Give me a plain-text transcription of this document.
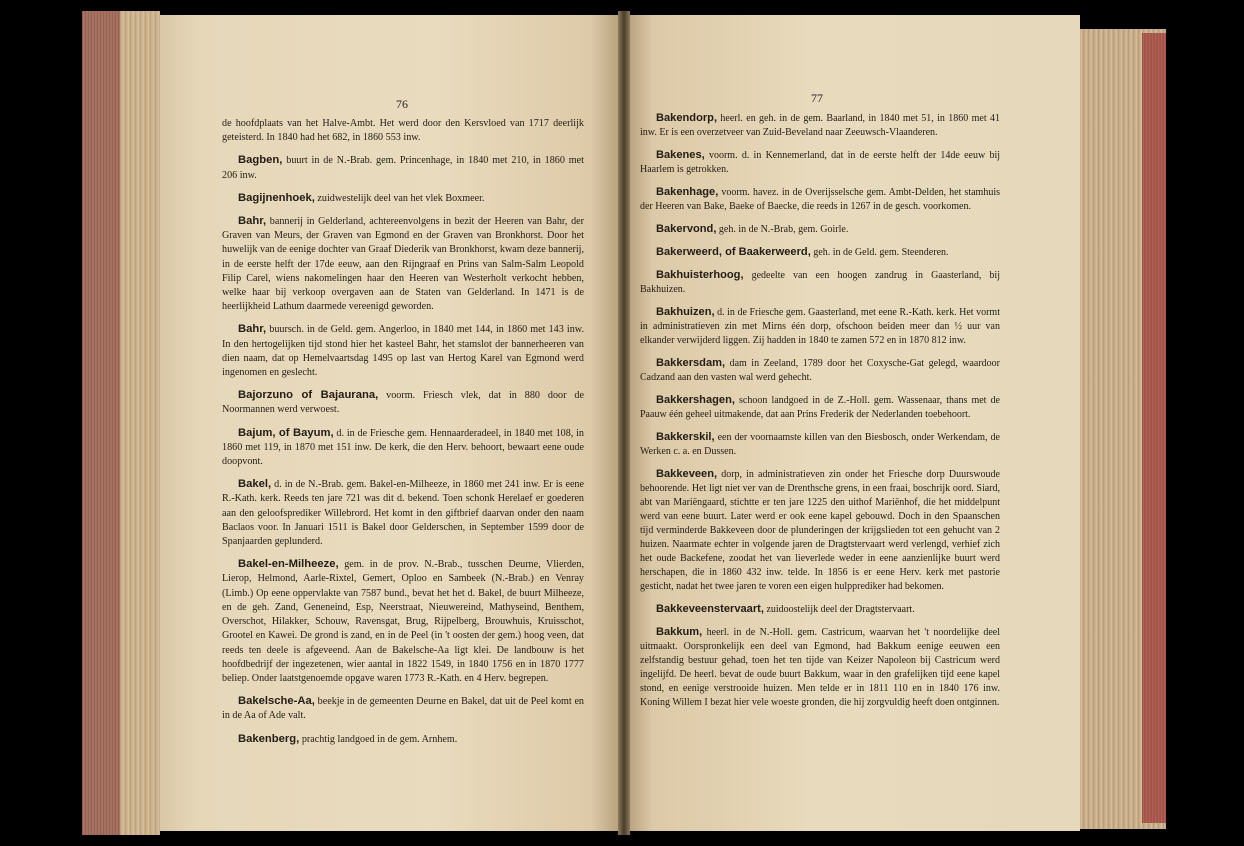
76	77

de hoofdplaats van het Halve-Ambt. Het werd door den Kersvloed van 1717 deerlijk geteisterd. In 1840 had het 682, in 1860 553 inw.

Bagben, buurt in de N.-Brab. gem. Princenhage, in 1840 met 210, in 1860 met 206 inw.

Bagijnenhoek, zuidwestelijk deel van het vlek Boxmeer.

Bahr, bannerij in Gelderland, achtereenvolgens in bezit der Heeren van Bahr, der Graven van Meurs, der Graven van Egmond en der Graven van Bronkhorst. Door het huwelijk van de eenige dochter van Graaf Diederik van Bronkhorst, kwam deze bannerij, in de eerste helft der 17de eeuw, aan den Rijngraaf en Prins van Salm-Salm Leopold Filip Carel, wiens nakomelingen haar den Heeren van Westerholt verkocht hebben, welke haar bij verkoop overgaven aan de Staten van Gelderland. In 1471 is de heerlijkheid Lathum daarmede vereenigd geworden.

Bahr, buursch. in de Geld. gem. Angerloo, in 1840 met 144, in 1860 met 143 inw. In den hertogelijken tijd stond hier het kasteel Bahr, het stamslot der bannerheeren van dien naam, dat op Hemelvaartsdag 1495 op last van Hertog Karel van Egmond werd ingenomen en geslecht.

Bajorzuno of Bajaurana, voorm. Friesch vlek, dat in 880 door de Noormannen werd verwoest.

Bajum, of Bayum, d. in de Friesche gem. Hennaarderadeel, in 1840 met 108, in 1860 met 119, in 1870 met 151 inw. De kerk, die den Herv. behoort, bewaart eene oude doopvont.

Bakel, d. in de N.-Brab. gem. Bakel-en-Milheeze, in 1860 met 241 inw. Er is eene R.-Kath. kerk. Reeds ten jare 721 was dit d. bekend. Toen schonk Herelaef er goederen aan den geloofsprediker Willebrord. Het komt in den giftbrief daarvan onder den naam Baclaos voor. In Januari 1511 is Bakel door Gelderschen, in September 1599 door de Spanjaarden geplunderd.

Bakel-en-Milheeze, gem. in de prov. N.-Brab., tusschen Deurne, Vlierden, Lierop, Helmond, Aarle-Rixtel, Gemert, Oploo en Sambeek (N.-Brab.) en Venray (Limb.) Op eene oppervlakte van 7587 bund., bevat het het d. Bakel, de buurt Milheeze, en de geh. Zand, Geneneind, Esp, Neerstraat, Nieuwereind, Mathyseind, Benthem, Overschot, Hilakker, Schouw, Ravensgat, Brug, Rijpelberg, Brouwhuis, Kruisschot, Grootel en Kawei. De grond is zand, en in de Peel (in 't oosten der gem.) hoog veen, dat reeds ten deele is afgeveend. Aan de Bakelsche-Aa ligt klei. De landbouw is het hoofdbedrijf der ingezetenen, wier aantal in 1822 1549, in 1840 1756 en in 1870 1777 beliep. Onder laatstgenoemde opgave waren 1773 R.-Kath. en 4 Herv. begrepen.

Bakelsche-Aa, beekje in de gemeenten Deurne en Bakel, dat uit de Peel komt en in de Aa of Ade valt.

Bakenberg, prachtig landgoed in de gem. Arnhem.

Bakendorp, heerl. en geh. in de gem. Baarland, in 1840 met 51, in 1860 met 41 inw. Er is een overzetveer van Zuid-Beveland naar Zeeuwsch-Vlaanderen.

Bakenes, voorm. d. in Kennemerland, dat in de eerste helft der 14de eeuw bij Haarlem is getrokken.

Bakenhage, voorm. havez. in de Overijsselsche gem. Ambt-Delden, het stamhuis der Heeren van Bake, Baeke of Baecke, die reeds in 1267 in de gesch. voorkomen.

Bakervond, geh. in de N.-Brab, gem. Goirle.

Bakerweerd, of Baakerweerd, geh. in de Geld. gem. Steenderen.

Bakhuisterhoog, gedeelte van een hoogen zandrug in Gaasterland, bij Bakhuizen.

Bakhuizen, d. in de Friesche gem. Gaasterland, met eene R.-Kath. kerk. Het vormt in administratieven zin met Mirns één dorp, ofschoon beiden meer dan ½ uur van elkander verwijderd liggen. Zij hadden in 1840 te zamen 572 en in 1870 812 inw.

Bakkersdam, dam in Zeeland, 1789 door het Coxysche-Gat gelegd, waardoor Cadzand aan den vasten wal werd gehecht.

Bakkershagen, schoon landgoed in de Z.-Holl. gem. Wassenaar, thans met de Paauw één geheel uitmakende, dat aan Prins Frederik der Nederlanden toebehoort.

Bakkerskil, een der voornaamste killen van den Biesbosch, onder Werkendam, de Werken c. a. en Dussen.

Bakkeveen, dorp, in administratieven zin onder het Friesche dorp Duurswoude behoorende. Het ligt niet ver van de Drenthsche grens, in een fraai, boschrijk oord. Siard, abt van Mariëngaard, stichtte er ten jare 1225 den uithof Mariënhof, die het middelpunt werd van eene buurt. Later werd er ook eene kapel gebouwd. Doch in den Spaanschen tijd verminderde Bakkeveen door de plunderingen der krijgslieden tot een gehucht van 2 huizen. Naarmate echter in volgende jaren de Dragtstervaart werd verlengd, verhief zich het oude Backefene, zoodat het van lieverlede weder in eene aanzienlijke buurt werd herschapen, die in 1860 432 inw. telde. In 1856 is er eene Herv. kerk met pastorie gesticht, nadat het twee jaren te voren een eigen hulpprediker had bekomen.

Bakkeveenstervaart, zuidoostelijk deel der Dragtstervaart.

Bakkum, heerl. in de N.-Holl. gem. Castricum, waarvan het 't noordelijke deel uitmaakt. Oorspronkelijk een deel van Egmond, had Bakkum eenige eeuwen een zelfstandig bestuur gehad, toen het ten tijde van Keizer Napoleon bij Castricum werd ingelijfd. De heerl. bevat de oude buurt Bakkum, waar in den grafelijken tijd eene kapel stond, en eenige verstrooide huizen. Men telde er in 1811 110 en in 1840 176 inw. Koning Willem I bezat hier vele woeste gronden, die hij zorgvuldig heeft doen ontginnen.
